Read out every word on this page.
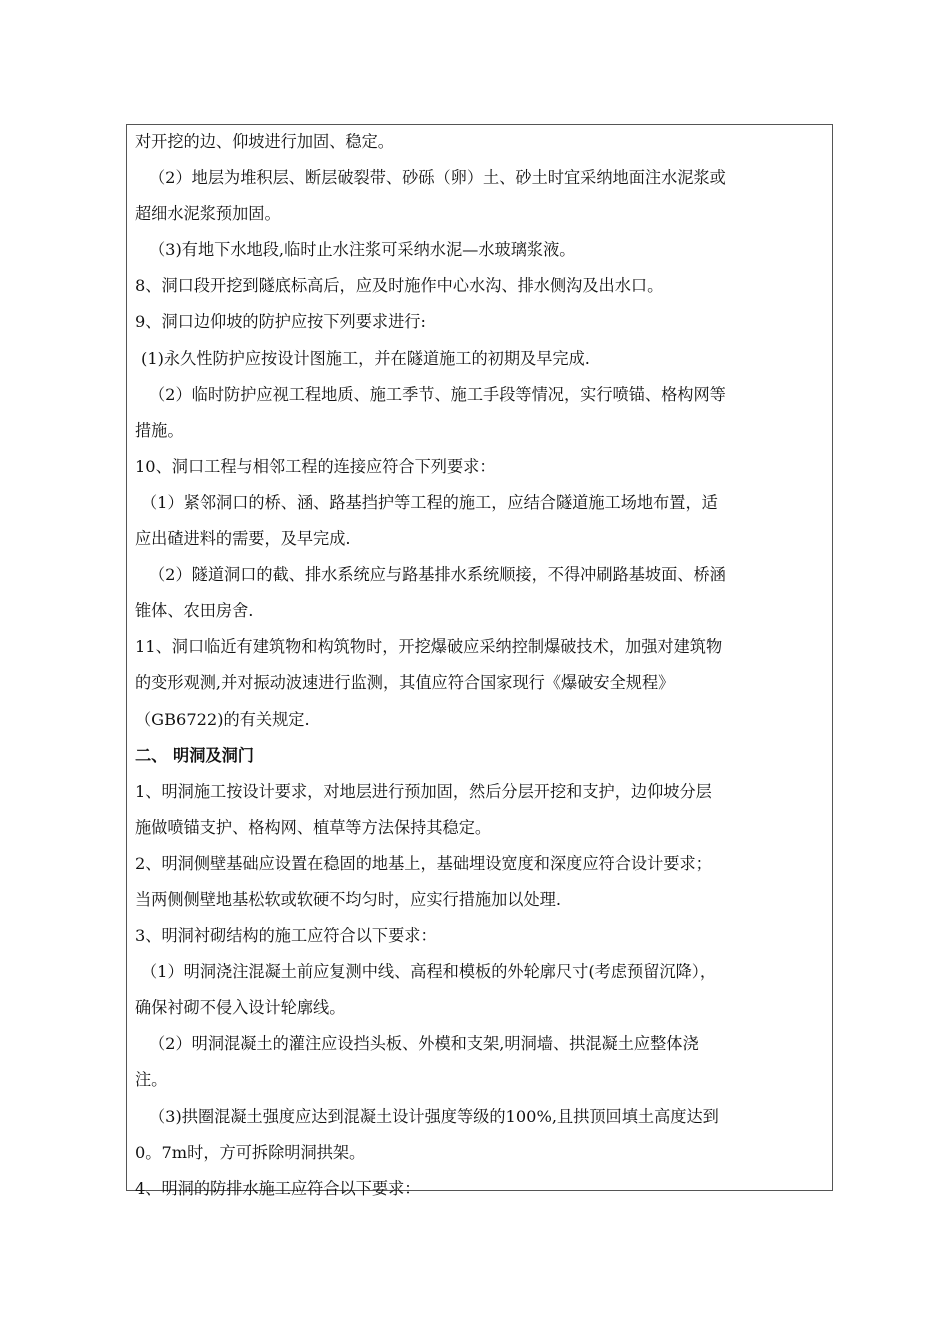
对开挖的边、仰坡进行加固、稳定。
（2）地层为堆积层、断层破裂带、砂砾（卵）土、砂土时宜采纳地面注水泥浆或
超细水泥浆预加固。
（3)有地下水地段,临时止水注浆可采纳水泥—水玻璃浆液。
8、洞口段开挖到隧底标高后，应及时施作中心水沟、排水侧沟及出水口。
9、洞口边仰坡的防护应按下列要求进行:
(1)永久性防护应按设计图施工，并在隧道施工的初期及早完成.
（2）临时防护应视工程地质、施工季节、施工手段等情况，实行喷锚、格构网等
措施。
10、洞口工程与相邻工程的连接应符合下列要求：
（1）紧邻洞口的桥、涵、路基挡护等工程的施工，应结合隧道施工场地布置，适
应出碴进料的需要，及早完成.
（2）隧道洞口的截、排水系统应与路基排水系统顺接，不得冲刷路基坡面、桥涵
锥体、农田房舍.
11、洞口临近有建筑物和构筑物时，开挖爆破应采纳控制爆破技术，加强对建筑物
的变形观测,并对振动波速进行监测，其值应符合国家现行《爆破安全规程》
（GB6722)的有关规定.
二、 明洞及洞门
1、明洞施工按设计要求，对地层进行预加固，然后分层开挖和支护，边仰坡分层
施做喷锚支护、格构网、植草等方法保持其稳定。
2、明洞侧壁基础应设置在稳固的地基上，基础埋设宽度和深度应符合设计要求；
当两侧侧壁地基松软或软硬不均匀时，应实行措施加以处理.
3、明洞衬砌结构的施工应符合以下要求：
（1）明洞浇注混凝土前应复测中线、高程和模板的外轮廓尺寸(考虑预留沉降），
确保衬砌不侵入设计轮廓线。
（2）明洞混凝土的灌注应设挡头板、外模和支架,明洞墙、拱混凝土应整体浇
注。
（3)拱圈混凝土强度应达到混凝土设计强度等级的100%,且拱顶回填土高度达到
0。7m时，方可拆除明洞拱架。
4、明洞的防排水施工应符合以下要求：
